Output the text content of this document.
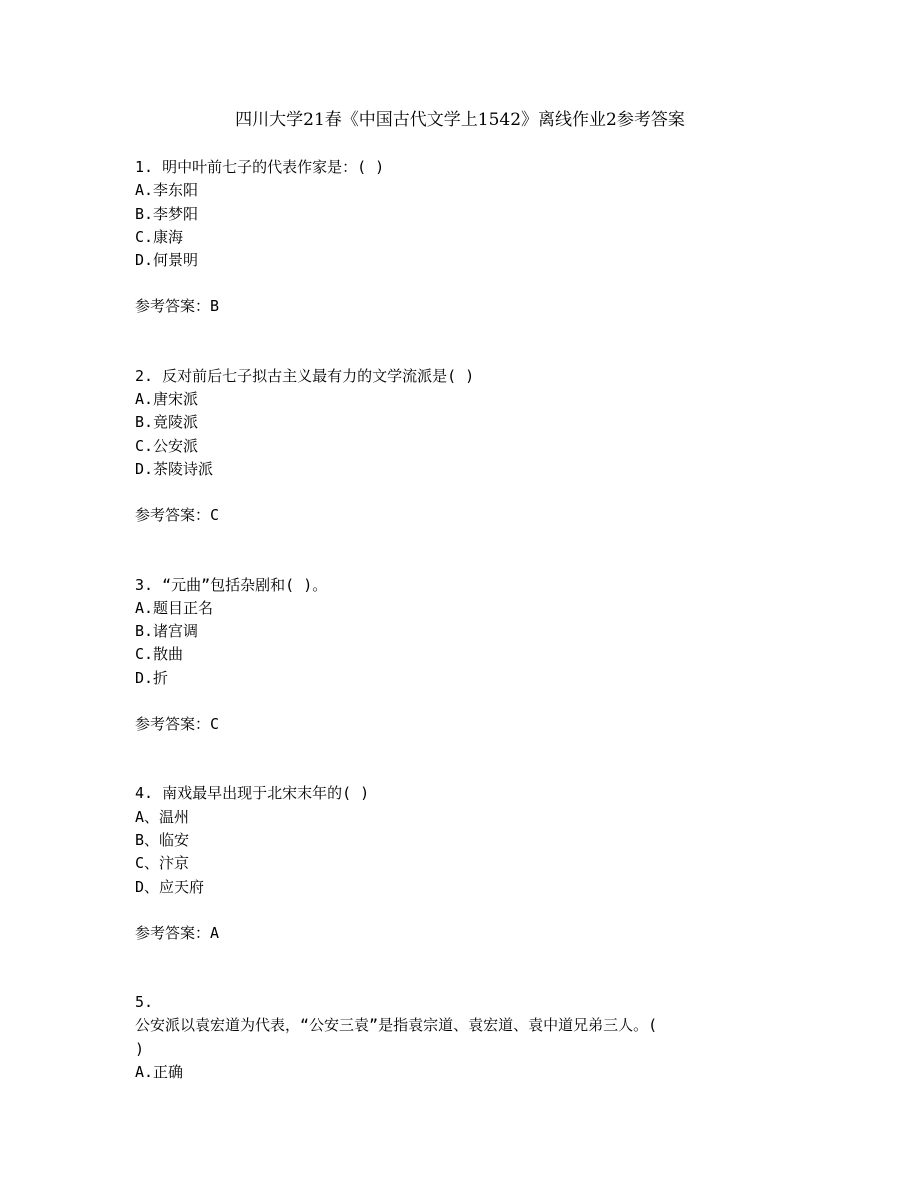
四川大学21春《中国古代文学上1542》离线作业2参考答案
1. 明中叶前七子的代表作家是：( )
A.李东阳
B.李梦阳
C.康海
D.何景明
参考答案：B
2. 反对前后七子拟古主义最有力的文学流派是( )
A.唐宋派
B.竟陵派
C.公安派
D.茶陵诗派
参考答案：C
3. “元曲”包括杂剧和( )。
A.题目正名
B.诸宫调
C.散曲
D.折
参考答案：C
4. 南戏最早出现于北宋末年的( )
A、温州
B、临安
C、汴京
D、应天府
参考答案：A
5.
公安派以袁宏道为代表，“公安三袁”是指袁宗道、袁宏道、袁中道兄弟三人。(
)
A.正确
